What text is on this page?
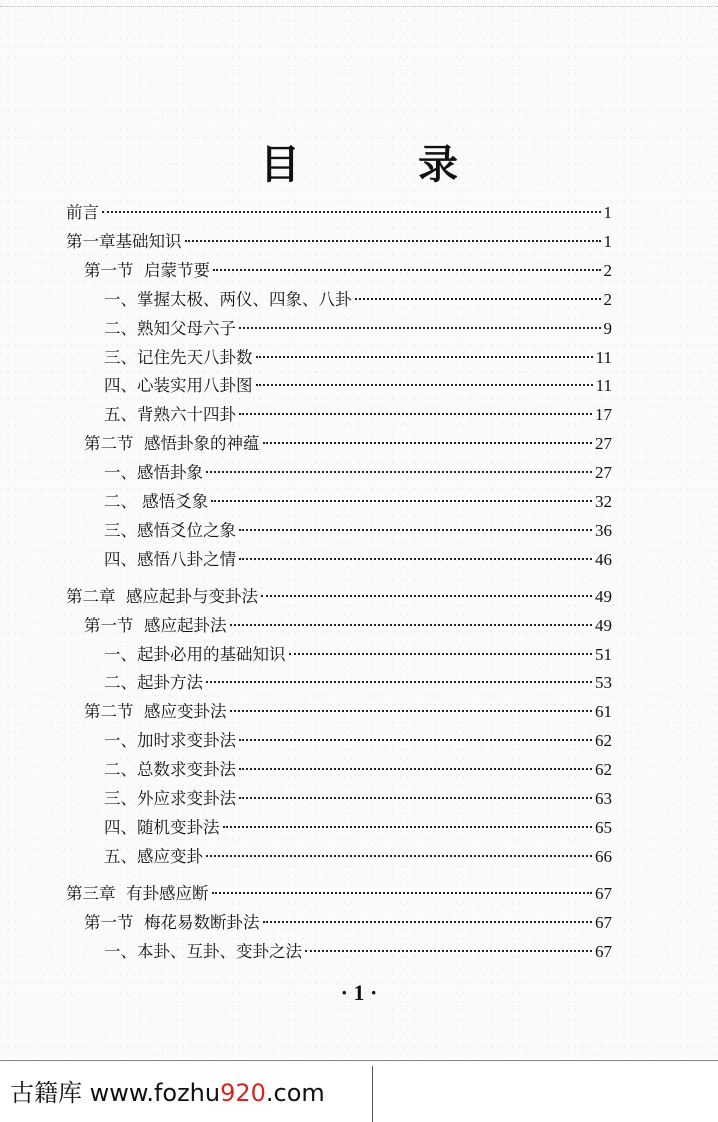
目 录
前言	1
第一章基础知识	1
第一节  启蒙节要	2
一、掌握太极、两仪、四象、八卦	2
二、熟知父母六子	9
三、记住先天八卦数	11
四、心装实用八卦图	11
五、背熟六十四卦	17
第二节  感悟卦象的神蕴	27
一、感悟卦象	27
二、 感悟爻象	32
三、感悟爻位之象	36
四、感悟八卦之情	46
第二章  感应起卦与变卦法	49
第一节  感应起卦法	49
一、起卦必用的基础知识	51
二、起卦方法	53
第二节  感应变卦法	61
一、加时求变卦法	62
二、总数求变卦法	62
三、外应求变卦法	63
四、随机变卦法	65
五、感应变卦	66
第三章  有卦感应断	67
第一节  梅花易数断卦法	67
一、本卦、互卦、变卦之法	67
· 1 ·
古籍库 www.fozhu920.com
